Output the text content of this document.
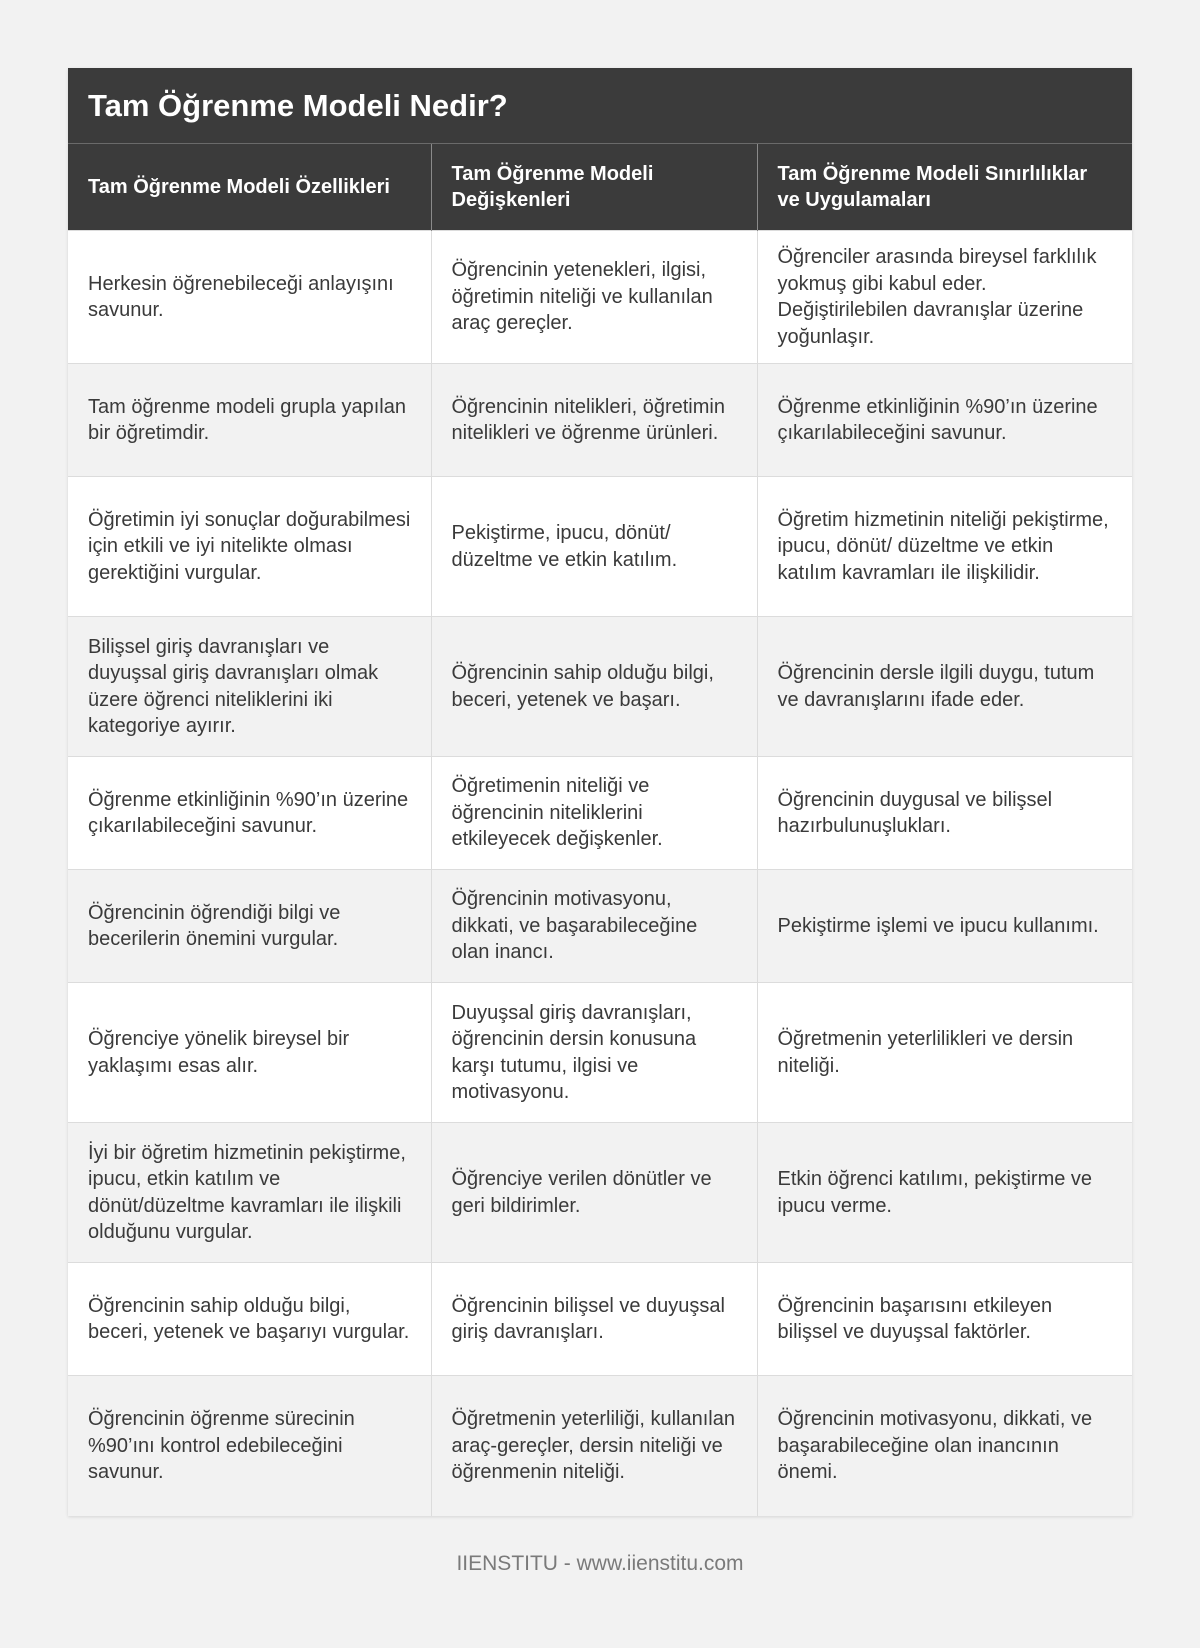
Tam Öğrenme Modeli Nedir?
Tam Öğrenme Modeli Özellikleri	Tam Öğrenme Modeli Değişkenleri	Tam Öğrenme Modeli Sınırlılıklar ve Uygulamaları
Herkesin öğrenebileceği anlayışını savunur.	Öğrencinin yetenekleri, ilgisi, öğretimin niteliği ve kullanılan araç gereçler.	Öğrenciler arasında bireysel farklılık yokmuş gibi kabul eder. Değiştirilebilen davranışlar üzerine yoğunlaşır.
Tam öğrenme modeli grupla yapılan bir öğretimdir.	Öğrencinin nitelikleri, öğretimin nitelikleri ve öğrenme ürünleri.	Öğrenme etkinliğinin %90’ın üzerine çıkarılabileceğini savunur.
Öğretimin iyi sonuçlar doğurabilmesi için etkili ve iyi nitelikte olması gerektiğini vurgular.	Pekiştirme, ipucu, dönüt/ düzeltme ve etkin katılım.	Öğretim hizmetinin niteliği pekiştirme, ipucu, dönüt/ düzeltme ve etkin katılım kavramları ile ilişkilidir.
Bilişsel giriş davranışları ve duyuşsal giriş davranışları olmak üzere öğrenci niteliklerini iki kategoriye ayırır.	Öğrencinin sahip olduğu bilgi, beceri, yetenek ve başarı.	Öğrencinin dersle ilgili duygu, tutum ve davranışlarını ifade eder.
Öğrenme etkinliğinin %90’ın üzerine çıkarılabileceğini savunur.	Öğretimenin niteliği ve öğrencinin niteliklerini etkileyecek değişkenler.	Öğrencinin duygusal ve bilişsel hazırbulunuşlukları.
Öğrencinin öğrendiği bilgi ve becerilerin önemini vurgular.	Öğrencinin motivasyonu, dikkati, ve başarabileceğine olan inancı.	Pekiştirme işlemi ve ipucu kullanımı.
Öğrenciye yönelik bireysel bir yaklaşımı esas alır.	Duyuşsal giriş davranışları, öğrencinin dersin konusuna karşı tutumu, ilgisi ve motivasyonu.	Öğretmenin yeterlilikleri ve dersin niteliği.
İyi bir öğretim hizmetinin pekiştirme, ipucu, etkin katılım ve dönüt/düzeltme kavramları ile ilişkili olduğunu vurgular.	Öğrenciye verilen dönütler ve geri bildirimler.	Etkin öğrenci katılımı, pekiştirme ve ipucu verme.
Öğrencinin sahip olduğu bilgi, beceri, yetenek ve başarıyı vurgular.	Öğrencinin bilişsel ve duyuşsal giriş davranışları.	Öğrencinin başarısını etkileyen bilişsel ve duyuşsal faktörler.
Öğrencinin öğrenme sürecinin %90’ını kontrol edebileceğini savunur.	Öğretmenin yeterliliği, kullanılan araç-gereçler, dersin niteliği ve öğrenmenin niteliği.	Öğrencinin motivasyonu, dikkati, ve başarabileceğine olan inancının önemi.
IIENSTITU - www.iienstitu.com
